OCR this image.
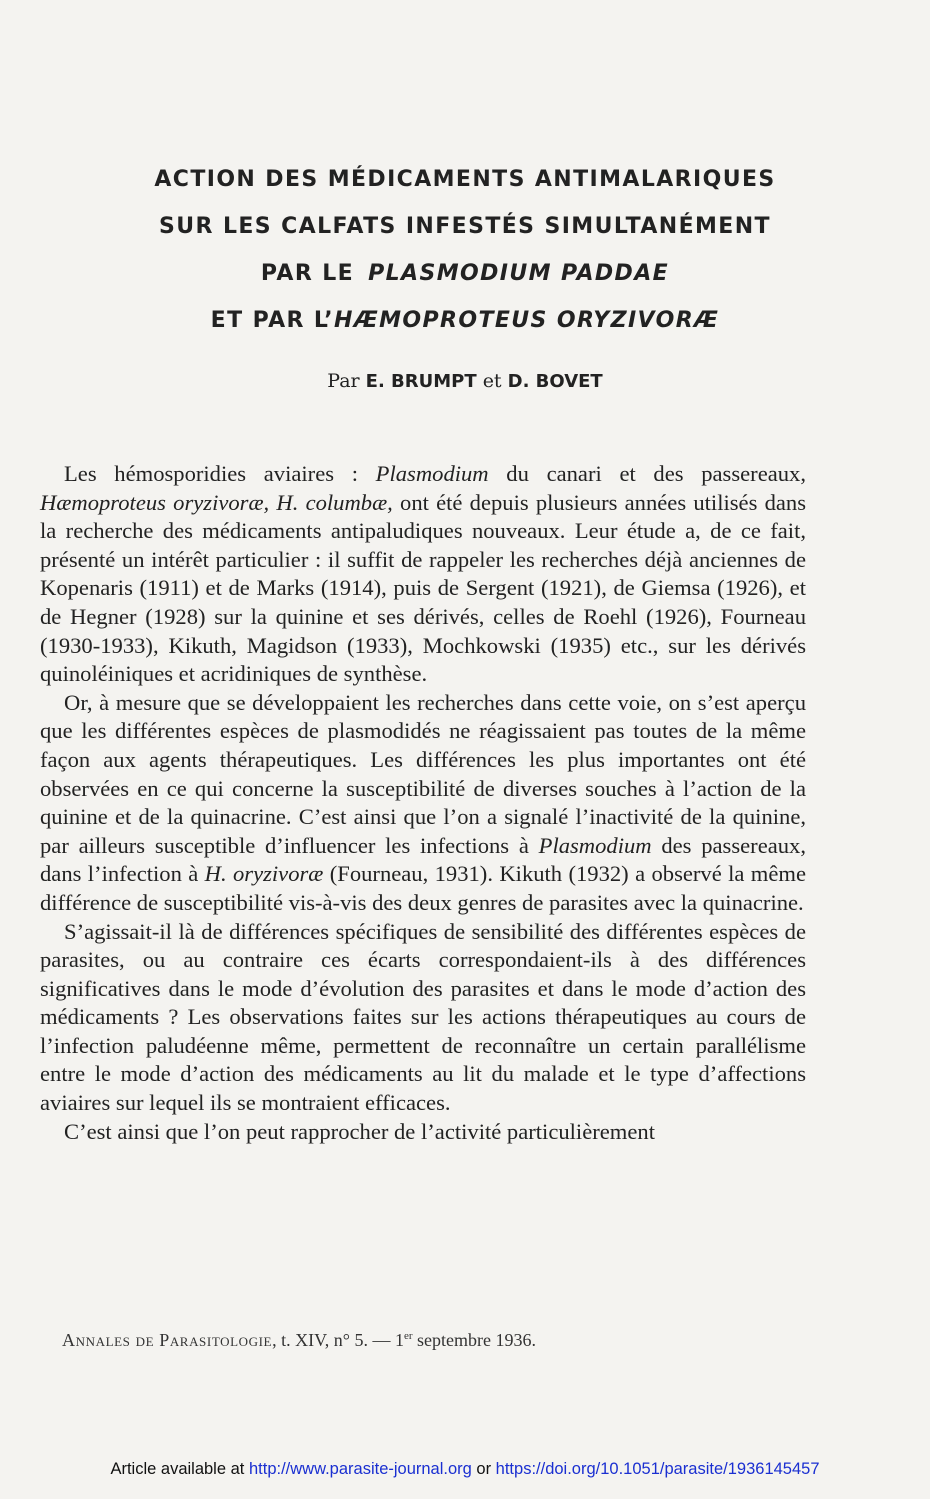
ACTION DES MÉDICAMENTS ANTIMALARIQUES
SUR LES CALFATS INFESTÉS SIMULTANÉMENT
PAR LE PLASMODIUM PADDAE
ET PAR L’HÆMOPROTEUS ORYZIVORÆ
Par E. BRUMPT et D. BOVET

Les hémosporidies aviaires : Plasmodium du canari et des passereaux, Hæmoproteus oryzivoræ, H. columbæ, ont été depuis plusieurs années utilisés dans la recherche des médicaments antipaludiques nouveaux. Leur étude a, de ce fait, présenté un intérêt particulier : il suffit de rappeler les recherches déjà anciennes de Kopenaris (1911) et de Marks (1914), puis de Sergent (1921), de Giemsa (1926), et de Hegner (1928) sur la quinine et ses dérivés, celles de Roehl (1926), Fourneau (1930-1933), Kikuth, Magidson (1933), Mochkowski (1935) etc., sur les dérivés quinoléiniques et acridiniques de synthèse.

Or, à mesure que se développaient les recherches dans cette voie, on s’est aperçu que les différentes espèces de plasmodidés ne réagissaient pas toutes de la même façon aux agents thérapeutiques. Les différences les plus importantes ont été observées en ce qui concerne la susceptibilité de diverses souches à l’action de la quinine et de la quinacrine. C’est ainsi que l’on a signalé l’inactivité de la quinine, par ailleurs susceptible d’influencer les infections à Plasmodium des passereaux, dans l’infection à H. oryzivoræ (Fourneau, 1931). Kikuth (1932) a observé la même différence de susceptibilité vis-à-vis des deux genres de parasites avec la quinacrine.

S’agissait-il là de différences spécifiques de sensibilité des différentes espèces de parasites, ou au contraire ces écarts correspondaient-ils à des différences significatives dans le mode d’évolution des parasites et dans le mode d’action des médicaments ? Les observations faites sur les actions thérapeutiques au cours de l’infection paludéenne même, permettent de reconnaître un certain parallélisme entre le mode d’action des médicaments au lit du malade et le type d’affections aviaires sur lequel ils se montraient efficaces.

C’est ainsi que l’on peut rapprocher de l’activité particulièrement

Annales de Parasitologie, t. XIV, n° 5. — 1er septembre 1936.
Article available at http://www.parasite-journal.org or https://doi.org/10.1051/parasite/1936145457
